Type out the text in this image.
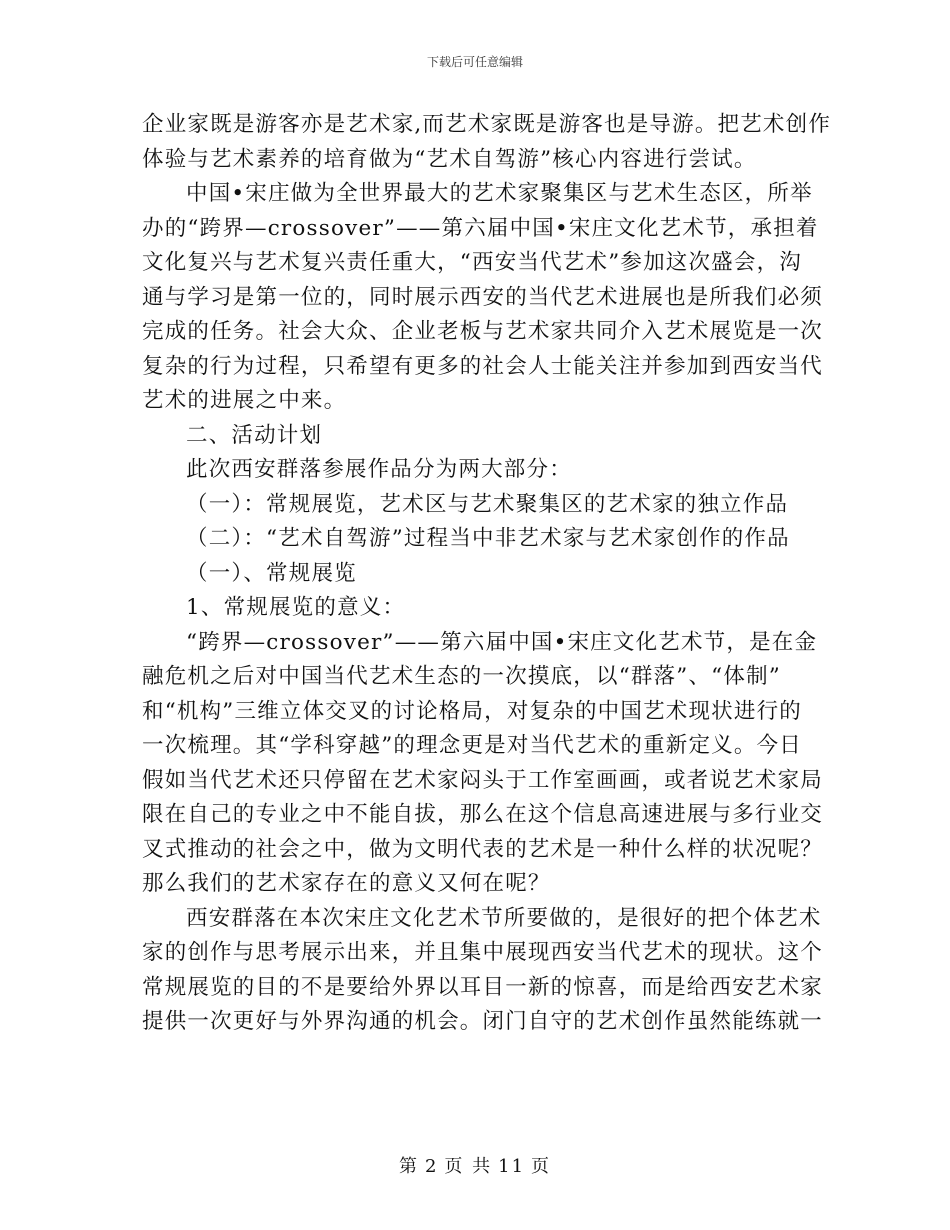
下载后可任意编辑

企业家既是游客亦是艺术家,而艺术家既是游客也是导游。把艺术创作

体验与艺术素养的培育做为“艺术自驾游”核心内容进行尝试。

中国•宋庄做为全世界最大的艺术家聚集区与艺术生态区，所举

办的“跨界—crossover”——第六届中国•宋庄文化艺术节，承担着

文化复兴与艺术复兴责任重大，“西安当代艺术”参加这次盛会，沟

通与学习是第一位的，同时展示西安的当代艺术进展也是所我们必须

完成的任务。社会大众、企业老板与艺术家共同介入艺术展览是一次

复杂的行为过程，只希望有更多的社会人士能关注并参加到西安当代

艺术的进展之中来。

二、活动计划

此次西安群落参展作品分为两大部分：

（一）：常规展览，艺术区与艺术聚集区的艺术家的独立作品

（二）：“艺术自驾游”过程当中非艺术家与艺术家创作的作品

（一）、常规展览

1、常规展览的意义：

“跨界—crossover”——第六届中国•宋庄文化艺术节，是在金

融危机之后对中国当代艺术生态的一次摸底，以“群落”、“体制”

和“机构”三维立体交叉的讨论格局，对复杂的中国艺术现状进行的

一次梳理。其“学科穿越”的理念更是对当代艺术的重新定义。今日

假如当代艺术还只停留在艺术家闷头于工作室画画，或者说艺术家局

限在自己的专业之中不能自拔，那么在这个信息高速进展与多行业交

叉式推动的社会之中，做为文明代表的艺术是一种什么样的状况呢？

那么我们的艺术家存在的意义又何在呢？

西安群落在本次宋庄文化艺术节所要做的，是很好的把个体艺术

家的创作与思考展示出来，并且集中展现西安当代艺术的现状。这个

常规展览的目的不是要给外界以耳目一新的惊喜，而是给西安艺术家

提供一次更好与外界沟通的机会。闭门自守的艺术创作虽然能练就一

第 2 页 共 11 页
